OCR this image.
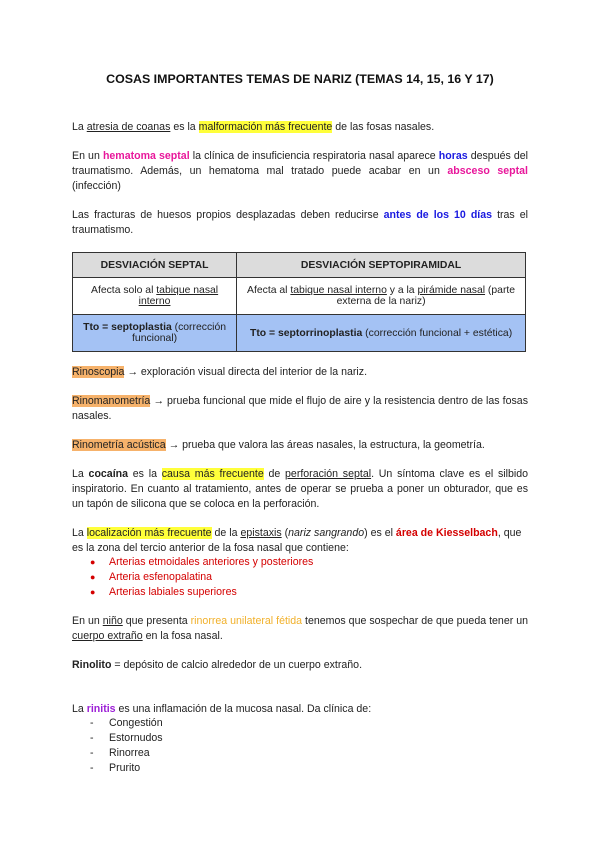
COSAS IMPORTANTES TEMAS DE NARIZ (TEMAS 14, 15, 16 Y 17)
La atresia de coanas es la malformación más frecuente de las fosas nasales.
En un hematoma septal la clínica de insuficiencia respiratoria nasal aparece horas después del traumatismo. Además, un hematoma mal tratado puede acabar en un absceso septal (infección)
Las fracturas de huesos propios desplazadas deben reducirse antes de los 10 días tras el traumatismo.
DESVIACIÓN SEPTAL	DESVIACIÓN SEPTOPIRAMIDAL
Afecta solo al tabique nasal interno	Afecta al tabique nasal interno y a la pirámide nasal (parte externa de la nariz)
Tto = septoplastia (corrección funcional)	Tto = septorrinoplastia (corrección funcional + estética)
Rinoscopia → exploración visual directa del interior de la nariz.
Rinomanometría → prueba funcional que mide el flujo de aire y la resistencia dentro de las fosas nasales.
Rinometría acústica → prueba que valora las áreas nasales, la estructura, la geometría.
La cocaína es la causa más frecuente de perforación septal. Un síntoma clave es el silbido inspiratorio. En cuanto al tratamiento, antes de operar se prueba a poner un obturador, que es un tapón de silicona que se coloca en la perforación.
La localización más frecuente de la epistaxis (nariz sangrando) es el área de Kiesselbach, que es la zona del tercio anterior de la fosa nasal que contiene:
● Arterias etmoidales anteriores y posteriores
● Arteria esfenopalatina
● Arterias labiales superiores
En un niño que presenta rinorrea unilateral fétida tenemos que sospechar de que pueda tener un cuerpo extraño en la fosa nasal.
Rinolito = depósito de calcio alrededor de un cuerpo extraño.
La rinitis es una inflamación de la mucosa nasal. Da clínica de:
- Congestión
- Estornudos
- Rinorrea
- Prurito
